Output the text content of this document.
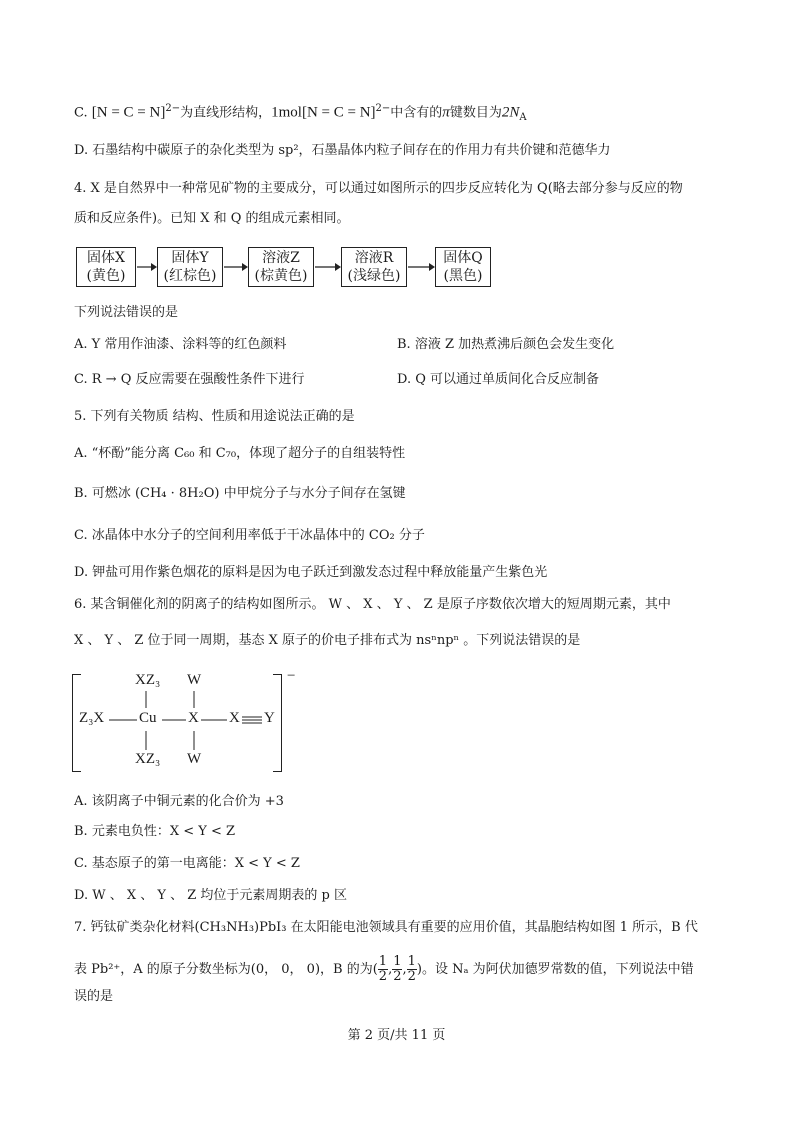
C. [N = C = N]$^{2-}$为直线形结构，1mol[N = C = N]$^{2-}$中含有的π键数目为$2N_A$
D. 石墨结构中碳原子的杂化类型为 sp²，石墨晶体内粒子间存在的作用力有共价键和范德华力
4. X 是自然界中一种常见矿物的主要成分，可以通过如图所示的四步反应转化为 Q(略去部分参与反应的物
质和反应条件)。已知 X 和 Q 的组成元素相同。
固体X
(黄色)
固体Y
(红棕色)
溶液Z
(棕黄色)
溶液R
(浅绿色)
固体Q
(黑色)
下列说法错误的是
A. Y 常用作油漆、涂料等的红色颜料	B. 溶液 Z 加热煮沸后颜色会发生变化
C. R → Q 反应需要在强酸性条件下进行	D. Q 可以通过单质间化合反应制备
5. 下列有关物质 结构、性质和用途说法正确的是
A. “杯酚”能分离 C₆₀ 和 C₇₀，体现了超分子的自组装特性
B. 可燃冰 (CH₄ · 8H₂O) 中甲烷分子与水分子间存在氢键
C. 冰晶体中水分子的空间利用率低于干冰晶体中的 CO₂ 分子
D. 钾盐可用作紫色烟花的原料是因为电子跃迁到激发态过程中释放能量产生紫色光
6. 某含铜催化剂的阴离子的结构如图所示。 W 、 X 、 Y 、 Z 是原子序数依次增大的短周期元素，其中
X 、 Y 、 Z 位于同一周期，基态 X 原子的价电子排布式为 nsⁿnpⁿ 。下列说法错误的是
−
XZ₃ W
Z₃X Cu X X Y
XZ₃ W
A. 该阴离子中铜元素的化合价为 +3
B. 元素电负性：X < Y < Z
C. 基态原子的第一电离能：X < Y < Z
D. W 、 X 、 Y 、 Z 均位于元素周期表的 p 区
7. 钙钛矿类杂化材料(CH₃NH₃)PbI₃ 在太阳能电池领域具有重要的应用价值，其晶胞结构如图 1 所示，B 代
表 Pb²⁺，A 的原子分数坐标为(0， 0， 0)，B 的为( $\frac{1}{2}$ , $\frac{1}{2}$ , $\frac{1}{2}$ )。设 Nₐ 为阿伏加德罗常数的值，下列说法中错
误的是
第 2 页/共 11 页
